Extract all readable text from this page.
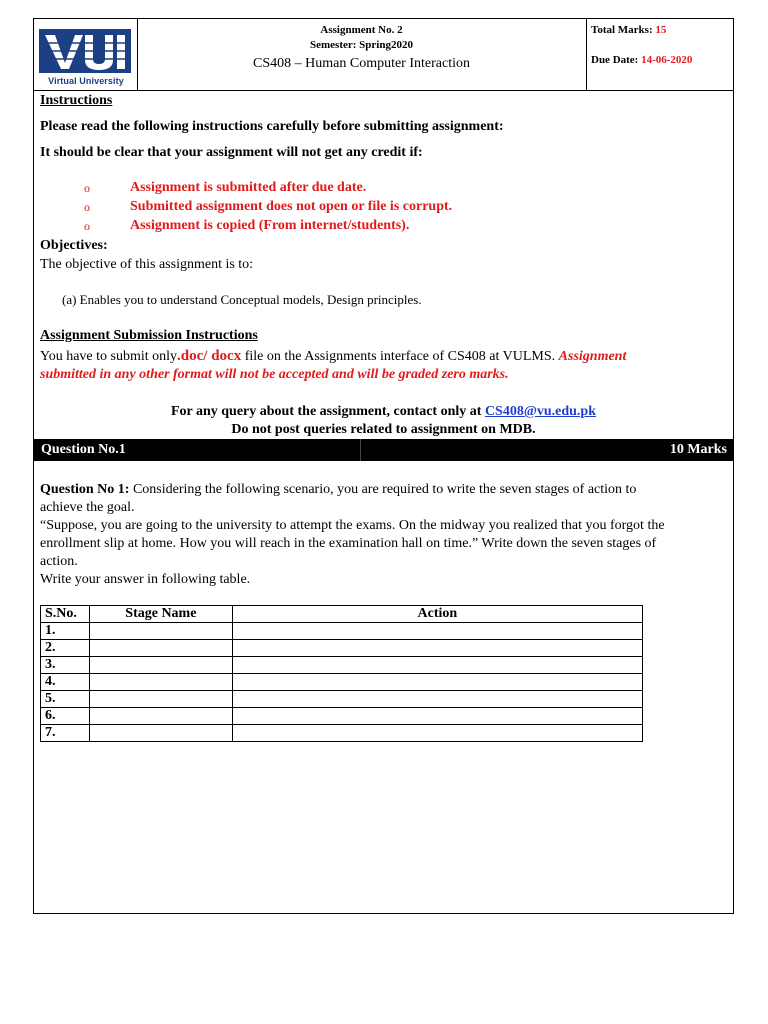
Virtual University
Assignment No. 2
Semester: Spring2020
CS408 – Human Computer Interaction
Total Marks: 15
Due Date: 14-06-2020
Instructions
Please read the following instructions carefully before submitting assignment:
It should be clear that your assignment will not get any credit if:
o	Assignment is submitted after due date.
o	Submitted assignment does not open or file is corrupt.
o	Assignment is copied (From internet/students).
Objectives:
The objective of this assignment is to:
(a) Enables you to understand Conceptual models, Design principles.
Assignment Submission Instructions
You have to submit only.doc/ docx file on the Assignments interface of CS408 at VULMS. Assignment
submitted in any other format will not be accepted and will be graded zero marks.
For any query about the assignment, contact only at CS408@vu.edu.pk
Do not post queries related to assignment on MDB.
Question No.1	10 Marks
Question No 1: Considering the following scenario, you are required to write the seven stages of action to
achieve the goal.
“Suppose, you are going to the university to attempt the exams. On the midway you realized that you forgot the
enrollment slip at home. How you will reach in the examination hall on time.” Write down the seven stages of
action.
Write your answer in following table.
S.No.	Stage Name	Action
1.		
2.		
3.		
4.		
5.		
6.		
7.		
